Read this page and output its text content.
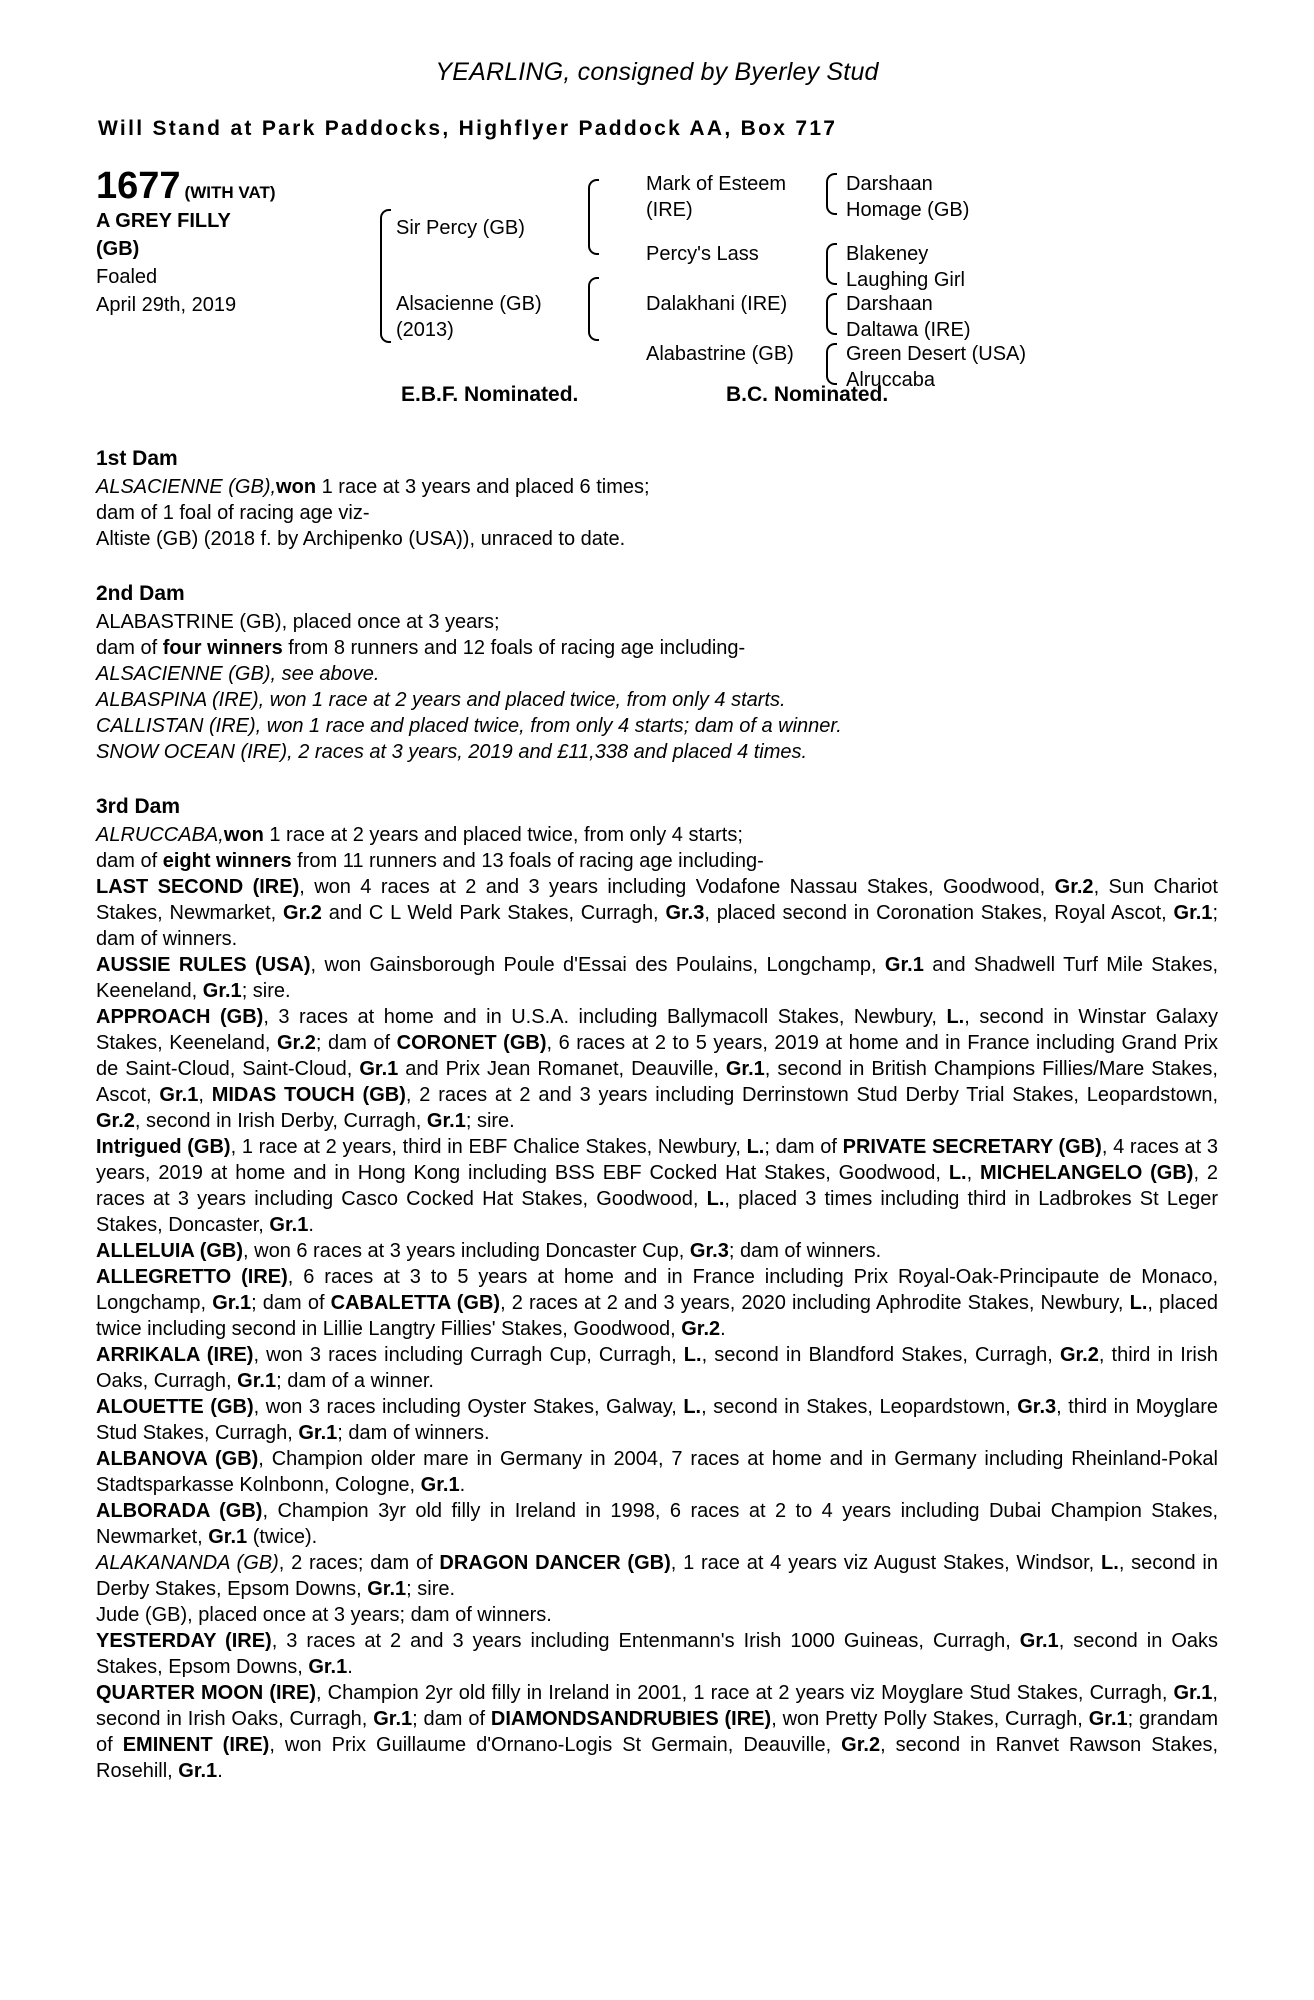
YEARLING, consigned by Byerley Stud
Will Stand at Park Paddocks, Highflyer Paddock AA, Box 717
1677 (WITH VAT)
A GREY FILLY
(GB)
Foaled
April 29th, 2019
Sir Percy (GB)
Alsacienne (GB)
(2013)
Mark of Esteem
(IRE)
Percy's Lass
Dalakhani (IRE)
Alabastrine (GB)
Darshaan
Homage (GB)
Blakeney
Laughing Girl
Darshaan
Daltawa (IRE)
Green Desert (USA)
Alruccaba
E.B.F. Nominated.	B.C. Nominated.
1st Dam

ALSACIENNE (GB),won 1 race at 3 years and placed 6 times;

dam of 1 foal of racing age viz-

Altiste (GB) (2018 f. by Archipenko (USA)), unraced to date.

2nd Dam

ALABASTRINE (GB), placed once at 3 years;

dam of four winners from 8 runners and 12 foals of racing age including-

ALSACIENNE (GB), see above.

ALBASPINA (IRE), won 1 race at 2 years and placed twice, from only 4 starts.

CALLISTAN (IRE), won 1 race and placed twice, from only 4 starts; dam of a winner.

SNOW OCEAN (IRE), 2 races at 3 years, 2019 and £11,338 and placed 4 times.

3rd Dam

ALRUCCABA,won 1 race at 2 years and placed twice, from only 4 starts;

dam of eight winners from 11 runners and 13 foals of racing age including-

LAST SECOND (IRE), won 4 races at 2 and 3 years including Vodafone Nassau Stakes, Goodwood, Gr.2, Sun Chariot Stakes, Newmarket, Gr.2 and C L Weld Park Stakes, Curragh, Gr.3, placed second in Coronation Stakes, Royal Ascot, Gr.1; dam of winners.

AUSSIE RULES (USA), won Gainsborough Poule d'Essai des Poulains, Longchamp, Gr.1 and Shadwell Turf Mile Stakes, Keeneland, Gr.1; sire.

APPROACH (GB), 3 races at home and in U.S.A. including Ballymacoll Stakes, Newbury, L., second in Winstar Galaxy Stakes, Keeneland, Gr.2; dam of CORONET (GB), 6 races at 2 to 5 years, 2019 at home and in France including Grand Prix de Saint-Cloud, Saint-Cloud, Gr.1 and Prix Jean Romanet, Deauville, Gr.1, second in British Champions Fillies/Mare Stakes, Ascot, Gr.1, MIDAS TOUCH (GB), 2 races at 2 and 3 years including Derrinstown Stud Derby Trial Stakes, Leopardstown, Gr.2, second in Irish Derby, Curragh, Gr.1; sire.

Intrigued (GB), 1 race at 2 years, third in EBF Chalice Stakes, Newbury, L.; dam of PRIVATE SECRETARY (GB), 4 races at 3 years, 2019 at home and in Hong Kong including BSS EBF Cocked Hat Stakes, Goodwood, L., MICHELANGELO (GB), 2 races at 3 years including Casco Cocked Hat Stakes, Goodwood, L., placed 3 times including third in Ladbrokes St Leger Stakes, Doncaster, Gr.1.

ALLELUIA (GB), won 6 races at 3 years including Doncaster Cup, Gr.3; dam of winners.

ALLEGRETTO (IRE), 6 races at 3 to 5 years at home and in France including Prix Royal-Oak-Principaute de Monaco, Longchamp, Gr.1; dam of CABALETTA (GB), 2 races at 2 and 3 years, 2020 including Aphrodite Stakes, Newbury, L., placed twice including second in Lillie Langtry Fillies' Stakes, Goodwood, Gr.2.

ARRIKALA (IRE), won 3 races including Curragh Cup, Curragh, L., second in Blandford Stakes, Curragh, Gr.2, third in Irish Oaks, Curragh, Gr.1; dam of a winner.

ALOUETTE (GB), won 3 races including Oyster Stakes, Galway, L., second in Stakes, Leopardstown, Gr.3, third in Moyglare Stud Stakes, Curragh, Gr.1; dam of winners.

ALBANOVA (GB), Champion older mare in Germany in 2004, 7 races at home and in Germany including Rheinland-Pokal Stadtsparkasse Kolnbonn, Cologne, Gr.1.

ALBORADA (GB), Champion 3yr old filly in Ireland in 1998, 6 races at 2 to 4 years including Dubai Champion Stakes, Newmarket, Gr.1 (twice).

ALAKANANDA (GB), 2 races; dam of DRAGON DANCER (GB), 1 race at 4 years viz August Stakes, Windsor, L., second in Derby Stakes, Epsom Downs, Gr.1; sire.

Jude (GB), placed once at 3 years; dam of winners.

YESTERDAY (IRE), 3 races at 2 and 3 years including Entenmann's Irish 1000 Guineas, Curragh, Gr.1, second in Oaks Stakes, Epsom Downs, Gr.1.

QUARTER MOON (IRE), Champion 2yr old filly in Ireland in 2001, 1 race at 2 years viz Moyglare Stud Stakes, Curragh, Gr.1, second in Irish Oaks, Curragh, Gr.1; dam of DIAMONDSANDRUBIES (IRE), won Pretty Polly Stakes, Curragh, Gr.1; grandam of EMINENT (IRE), won Prix Guillaume d'Ornano-Logis St Germain, Deauville, Gr.2, second in Ranvet Rawson Stakes, Rosehill, Gr.1.
